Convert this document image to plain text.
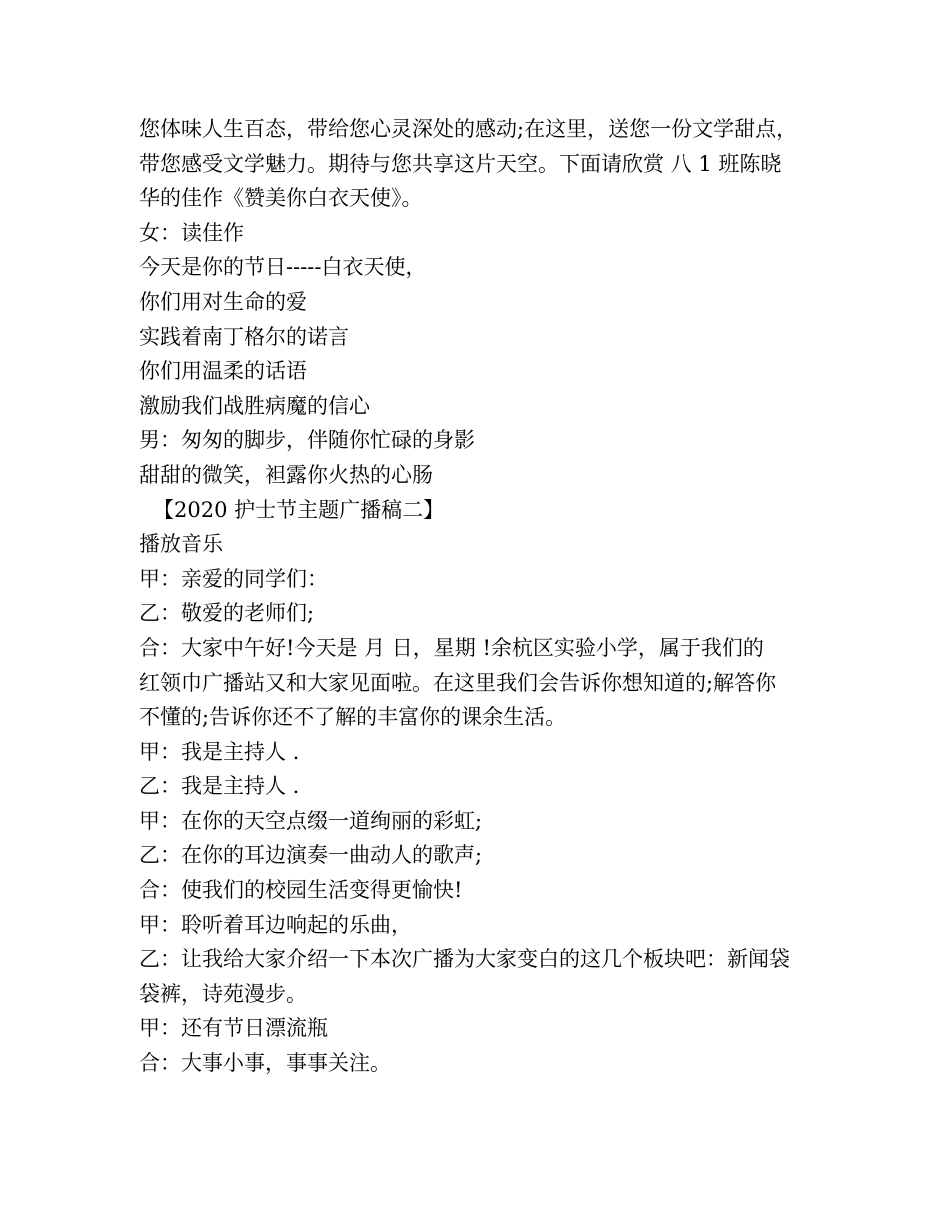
您体味人生百态，带给您心灵深处的感动;在这里，送您一份文学甜点，
带您感受文学魅力。期待与您共享这片天空。下面请欣赏 八 1 班陈晓
华的佳作《赞美你白衣天使》。
女：读佳作
今天是你的节日-----白衣天使，
你们用对生命的爱
实践着南丁格尔的诺言
你们用温柔的话语
激励我们战胜病魔的信心
男：匆匆的脚步，伴随你忙碌的身影
甜甜的微笑，袒露你火热的心肠
【2020 护士节主题广播稿二】
播放音乐
甲：亲爱的同学们：
乙：敬爱的老师们;
合：大家中午好!今天是 月 日，星期 !余杭区实验小学，属于我们的
红领巾广播站又和大家见面啦。在这里我们会告诉你想知道的;解答你
不懂的;告诉你还不了解的丰富你的课余生活。
甲：我是主持人 .
乙：我是主持人 .
甲：在你的天空点缀一道绚丽的彩虹;
乙：在你的耳边演奏一曲动人的歌声;
合：使我们的校园生活变得更愉快!
甲：聆听着耳边响起的乐曲，
乙：让我给大家介绍一下本次广播为大家变白的这几个板块吧：新闻袋
袋裤，诗苑漫步。
甲：还有节日漂流瓶
合：大事小事，事事关注。
